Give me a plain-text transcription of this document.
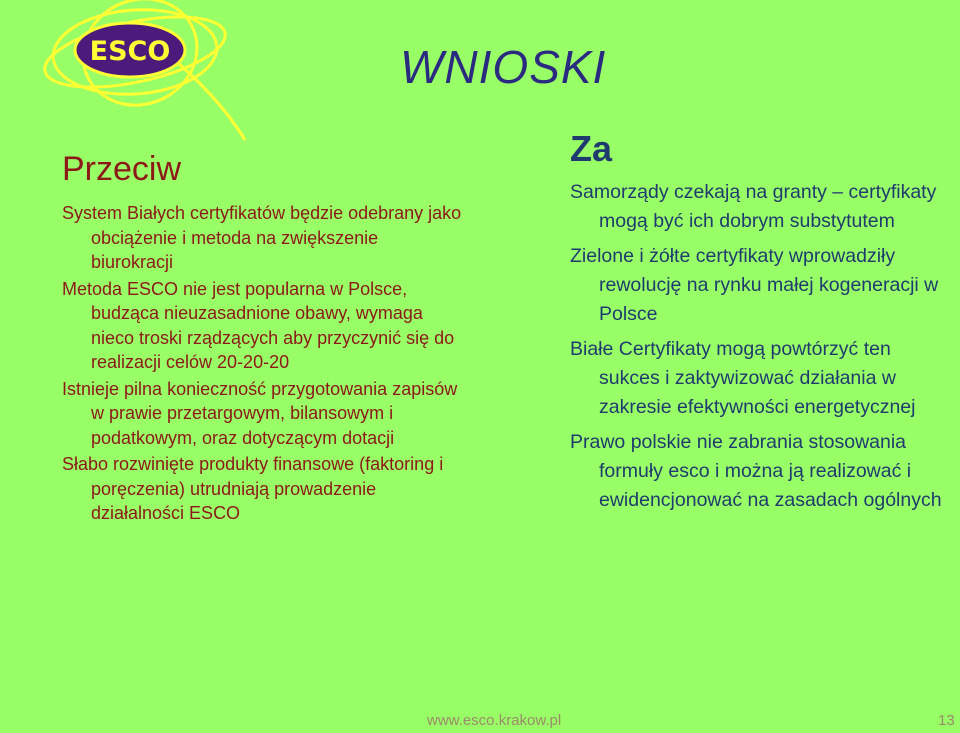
ESCO	WNIOSKI
Przeciw
System Białych certyfikatów będzie odebrany jako obciążenie i metoda na zwiększenie biurokracji
Metoda ESCO nie jest popularna w Polsce, budząca nieuzasadnione obawy, wymaga nieco troski rządzących aby przyczynić się do realizacji celów 20-20-20
Istnieje pilna konieczność przygotowania zapisów w prawie przetargowym, bilansowym i podatkowym, oraz dotyczącym dotacji
Słabo rozwinięte produkty finansowe (faktoring i poręczenia) utrudniają prowadzenie działalności ESCO
Za
Samorządy czekają na granty – certyfikaty mogą być ich dobrym substytutem
Zielone i żółte certyfikaty wprowadziły rewolucję na rynku małej kogeneracji w Polsce
Białe Certyfikaty mogą powtórzyć ten sukces i zaktywizować działania w zakresie efektywności energetycznej
Prawo polskie nie zabrania stosowania formuły esco i można ją realizować i ewidencjonować na zasadach ogólnych
www.esco.krakow.pl	13
